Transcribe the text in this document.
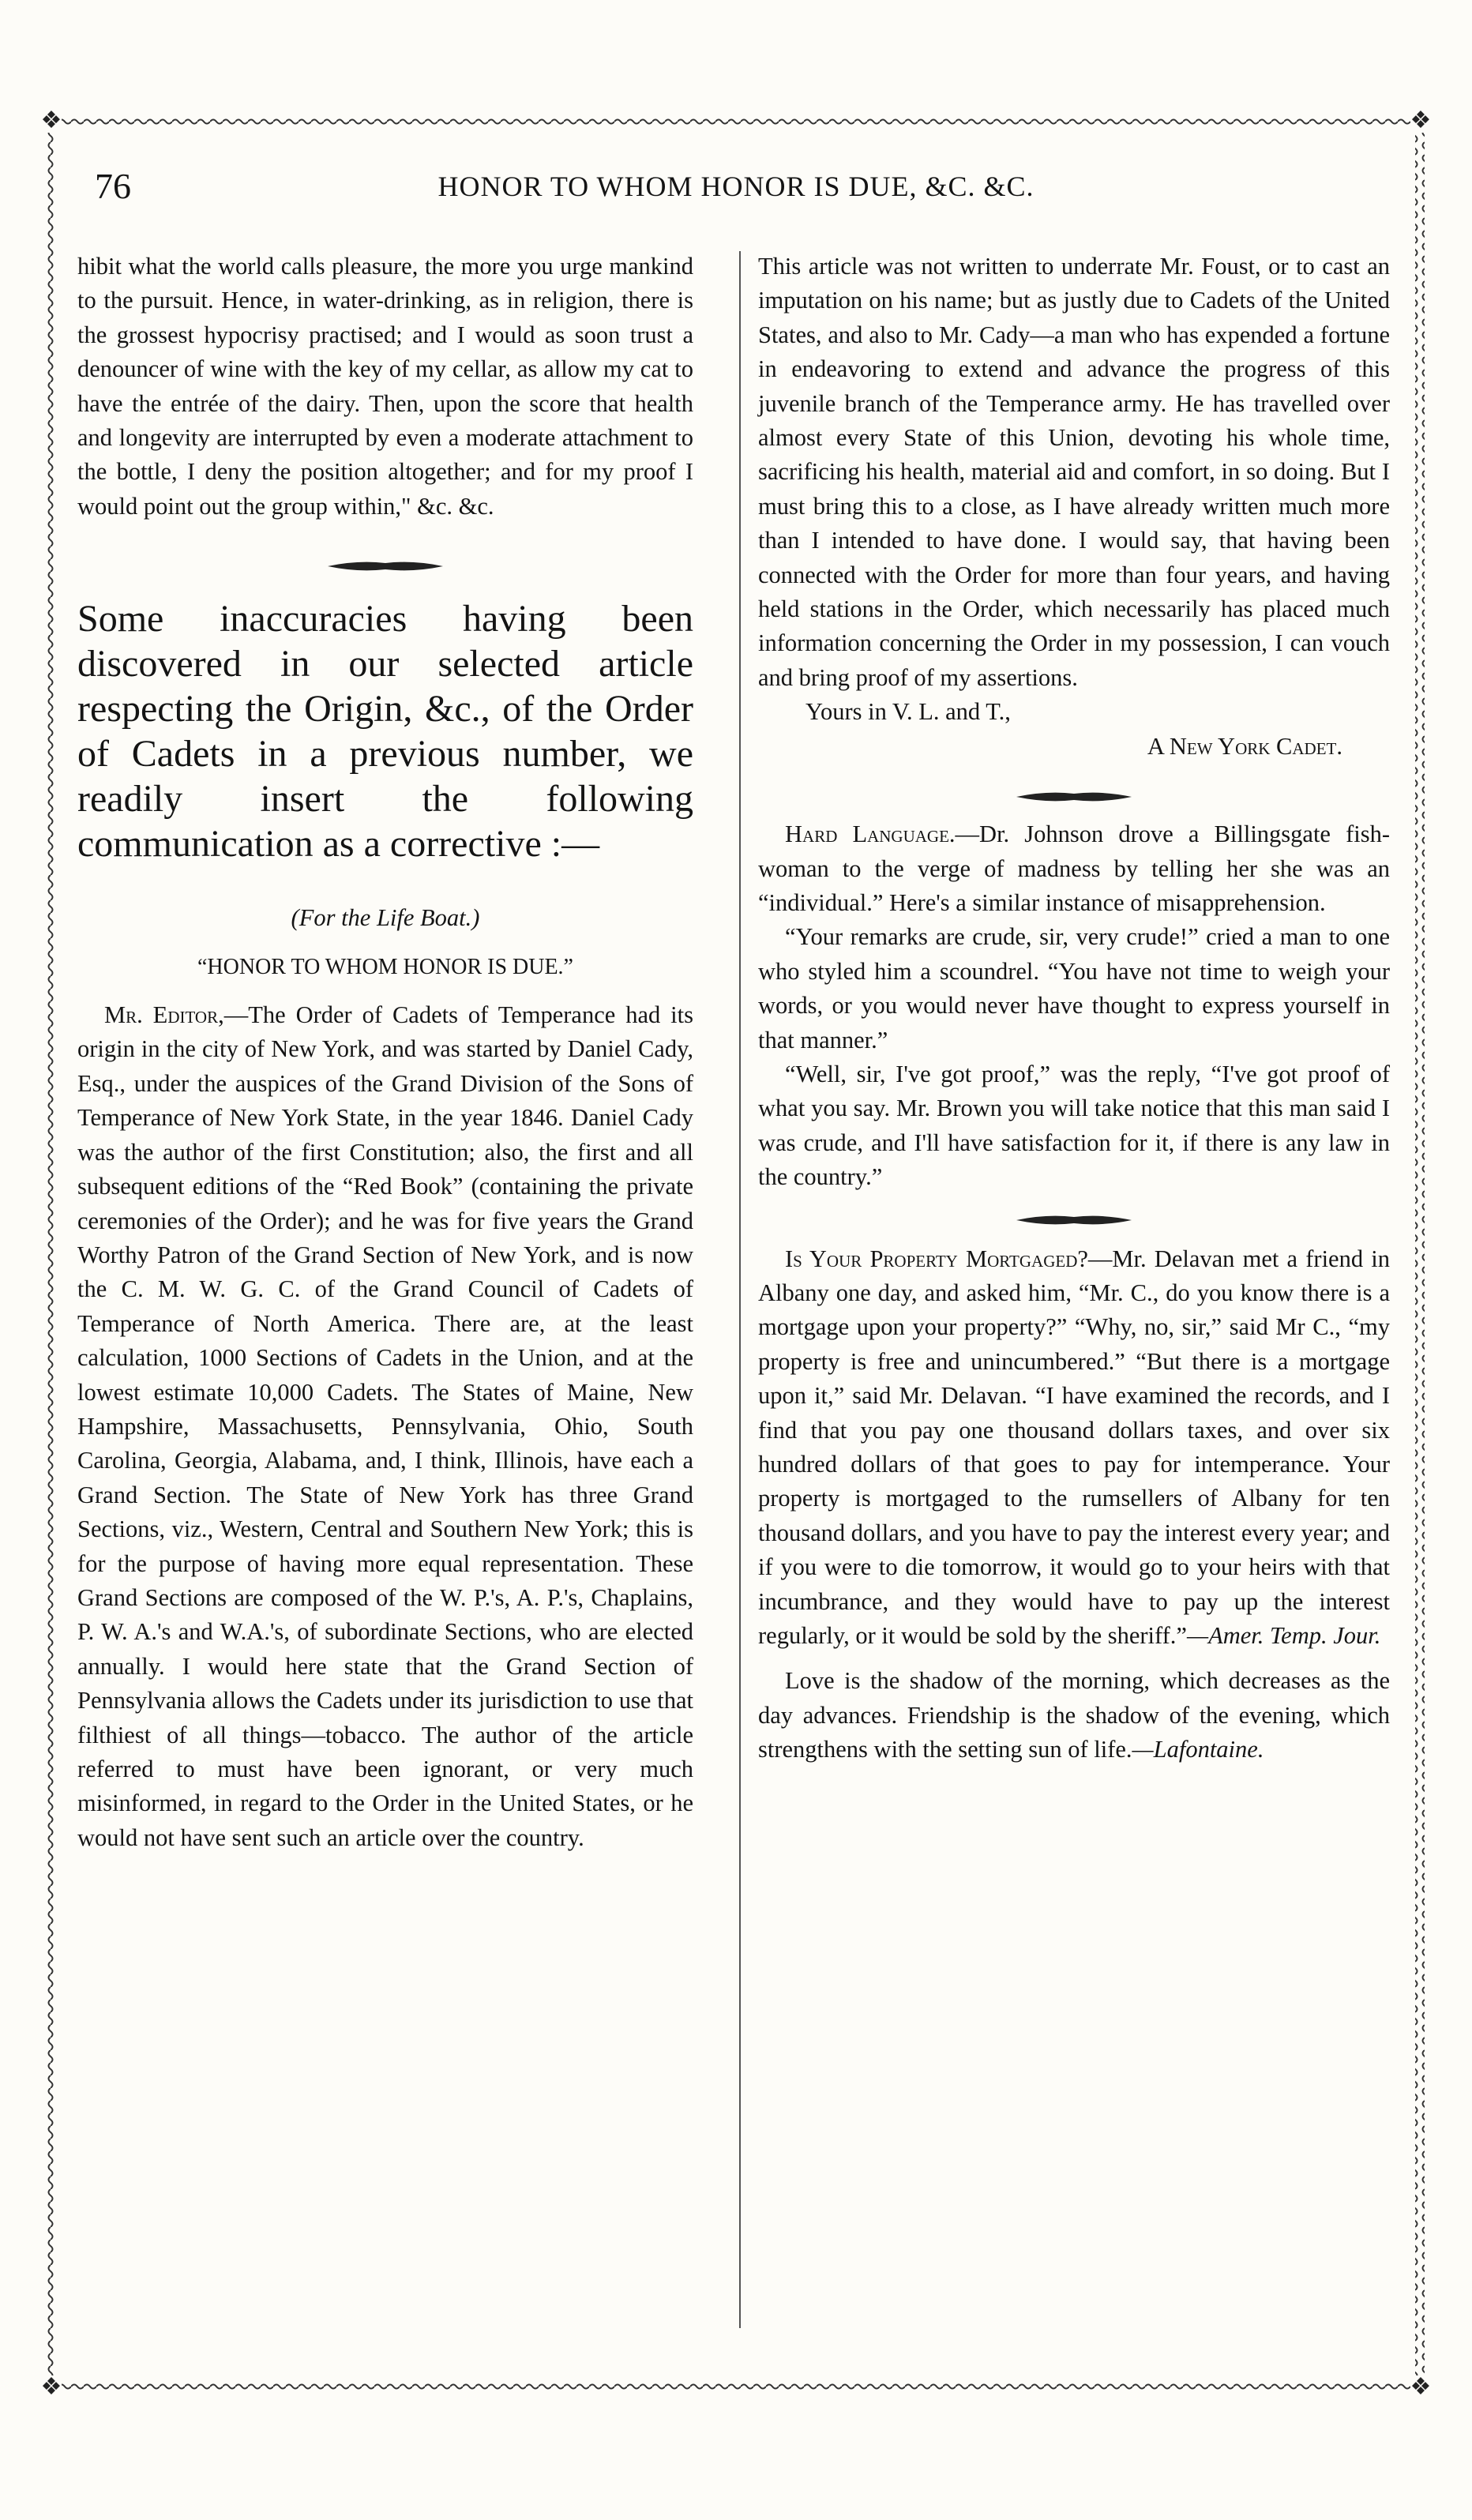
❖	❖
❖	❖
76	HONOR TO WHOM HONOR IS DUE, &C. &C.

hibit what the world calls pleasure, the more you urge mankind to the pursuit. Hence, in water-drinking, as in religion, there is the grossest hypocrisy practised; and I would as soon trust a denouncer of wine with the key of my cellar, as allow my cat to have the entrée of the dairy. Then, upon the score that health and longevity are interrupted by even a moderate attachment to the bottle, I deny the position altogether; and for my proof I would point out the group within," &c. &c.

Some inaccuracies having been discovered in our selected article respecting the Origin, &c., of the Order of Cadets in a previous number, we readily insert the following communication as a corrective :—

(For the Life Boat.)

“HONOR TO WHOM HONOR IS DUE.”

Mr. Editor,—The Order of Cadets of Temperance had its origin in the city of New York, and was started by Daniel Cady, Esq., under the auspices of the Grand Division of the Sons of Temperance of New York State, in the year 1846. Daniel Cady was the author of the first Constitution; also, the first and all subsequent editions of the “Red Book” (containing the private ceremonies of the Order); and he was for five years the Grand Worthy Patron of the Grand Section of New York, and is now the C. M. W. G. C. of the Grand Council of Cadets of Temperance of North America. There are, at the least calculation, 1000 Sections of Cadets in the Union, and at the lowest estimate 10,000 Cadets. The States of Maine, New Hampshire, Massachusetts, Pennsylvania, Ohio, South Carolina, Georgia, Alabama, and, I think, Illinois, have each a Grand Section. The State of New York has three Grand Sections, viz., Western, Central and Southern New York; this is for the purpose of having more equal representation. These Grand Sections are composed of the W. P.'s, A. P.'s, Chaplains, P. W. A.'s and W.A.'s, of subordinate Sections, who are elected annually. I would here state that the Grand Section of Pennsylvania allows the Cadets under its jurisdiction to use that filthiest of all things—tobacco. The author of the article referred to must have been ignorant, or very much misinformed, in regard to the Order in the United States, or he would not have sent such an article over the country.

This article was not written to underrate Mr. Foust, or to cast an imputation on his name; but as justly due to Cadets of the United States, and also to Mr. Cady—a man who has expended a fortune in endeavoring to extend and advance the progress of this juvenile branch of the Temperance army. He has travelled over almost every State of this Union, devoting his whole time, sacrificing his health, material aid and comfort, in so doing. But I must bring this to a close, as I have already written much more than I intended to have done. I would say, that having been connected with the Order for more than four years, and having held stations in the Order, which necessarily has placed much information concerning the Order in my possession, I can vouch and bring proof of my assertions.

Yours in V. L. and T.,

A New York Cadet.

Hard Language.—Dr. Johnson drove a Billingsgate fish-woman to the verge of madness by telling her she was an “individual.” Here's a similar instance of misapprehension.

“Your remarks are crude, sir, very crude!” cried a man to one who styled him a scoundrel. “You have not time to weigh your words, or you would never have thought to express yourself in that manner.”

“Well, sir, I've got proof,” was the reply, “I've got proof of what you say. Mr. Brown you will take notice that this man said I was crude, and I'll have satisfaction for it, if there is any law in the country.”

Is Your Property Mortgaged?—Mr. Delavan met a friend in Albany one day, and asked him, “Mr. C., do you know there is a mortgage upon your property?” “Why, no, sir,” said Mr C., “my property is free and unincumbered.” “But there is a mortgage upon it,” said Mr. Delavan. “I have examined the records, and I find that you pay one thousand dollars taxes, and over six hundred dollars of that goes to pay for intemperance. Your property is mortgaged to the rumsellers of Albany for ten thousand dollars, and you have to pay the interest every year; and if you were to die tomorrow, it would go to your heirs with that incumbrance, and they would have to pay up the interest regularly, or it would be sold by the sheriff.”—Amer. Temp. Jour.

Love is the shadow of the morning, which decreases as the day advances. Friendship is the shadow of the evening, which strengthens with the setting sun of life.—Lafontaine.
